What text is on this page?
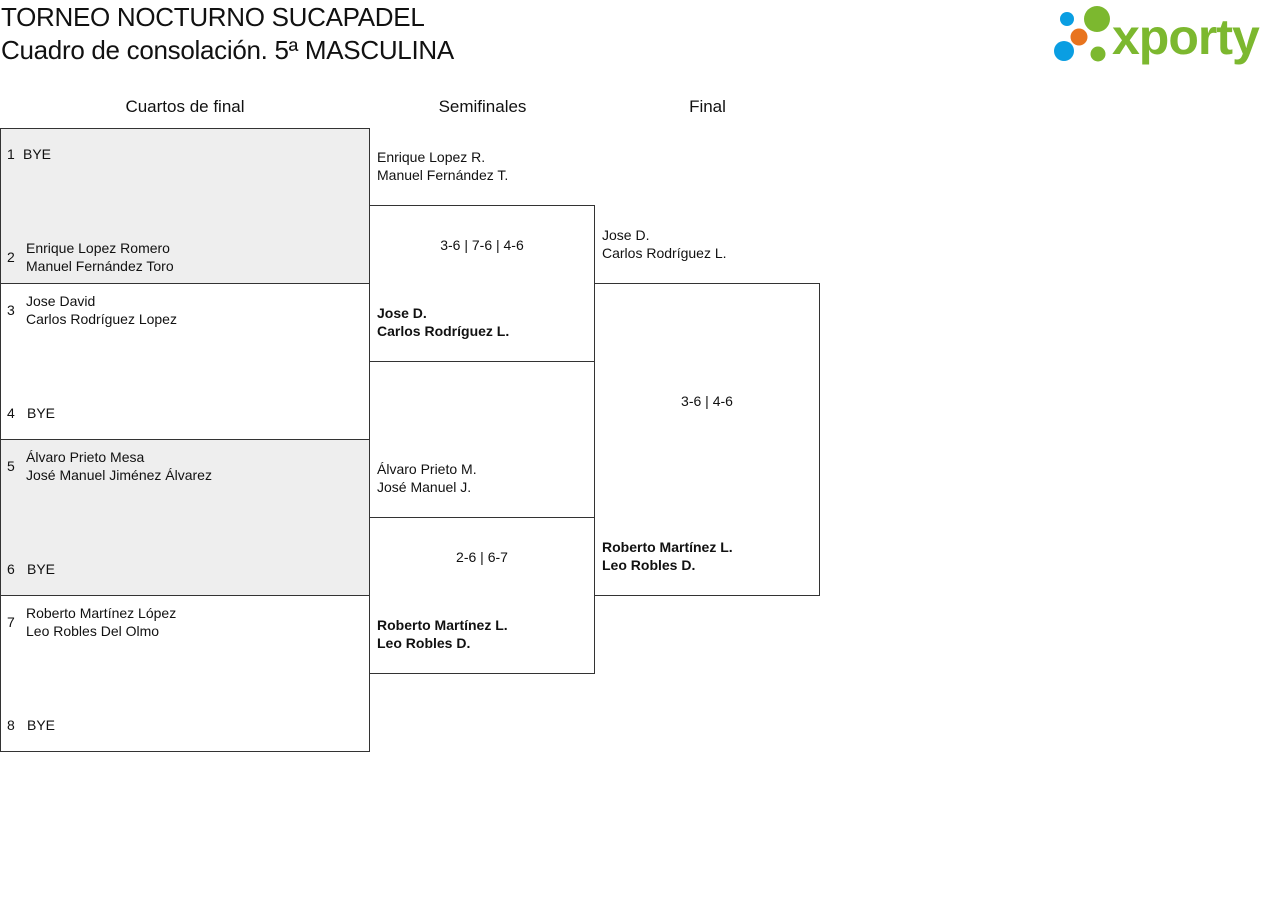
TORNEO NOCTURNO SUCAPADEL
Cuadro de consolación. 5ª MASCULINA	xporty
Cuartos de final	Semifinales	Final
1 BYE
2
Enrique Lopez Romero
Manuel Fernández Toro
3
Jose David
Carlos Rodríguez Lopez
4 BYE
5
Álvaro Prieto Mesa
José Manuel Jiménez Álvarez
6 BYE
7
Roberto Martínez López
Leo Robles Del Olmo
8 BYE
Enrique Lopez R.
Manuel Fernández T.
3-6 | 7-6 | 4-6
Jose D.
Carlos Rodríguez L.
Álvaro Prieto M.
José Manuel J.
2-6 | 6-7
Roberto Martínez L.
Leo Robles D.
Jose D.
Carlos Rodríguez L.
3-6 | 4-6
Roberto Martínez L.
Leo Robles D.
